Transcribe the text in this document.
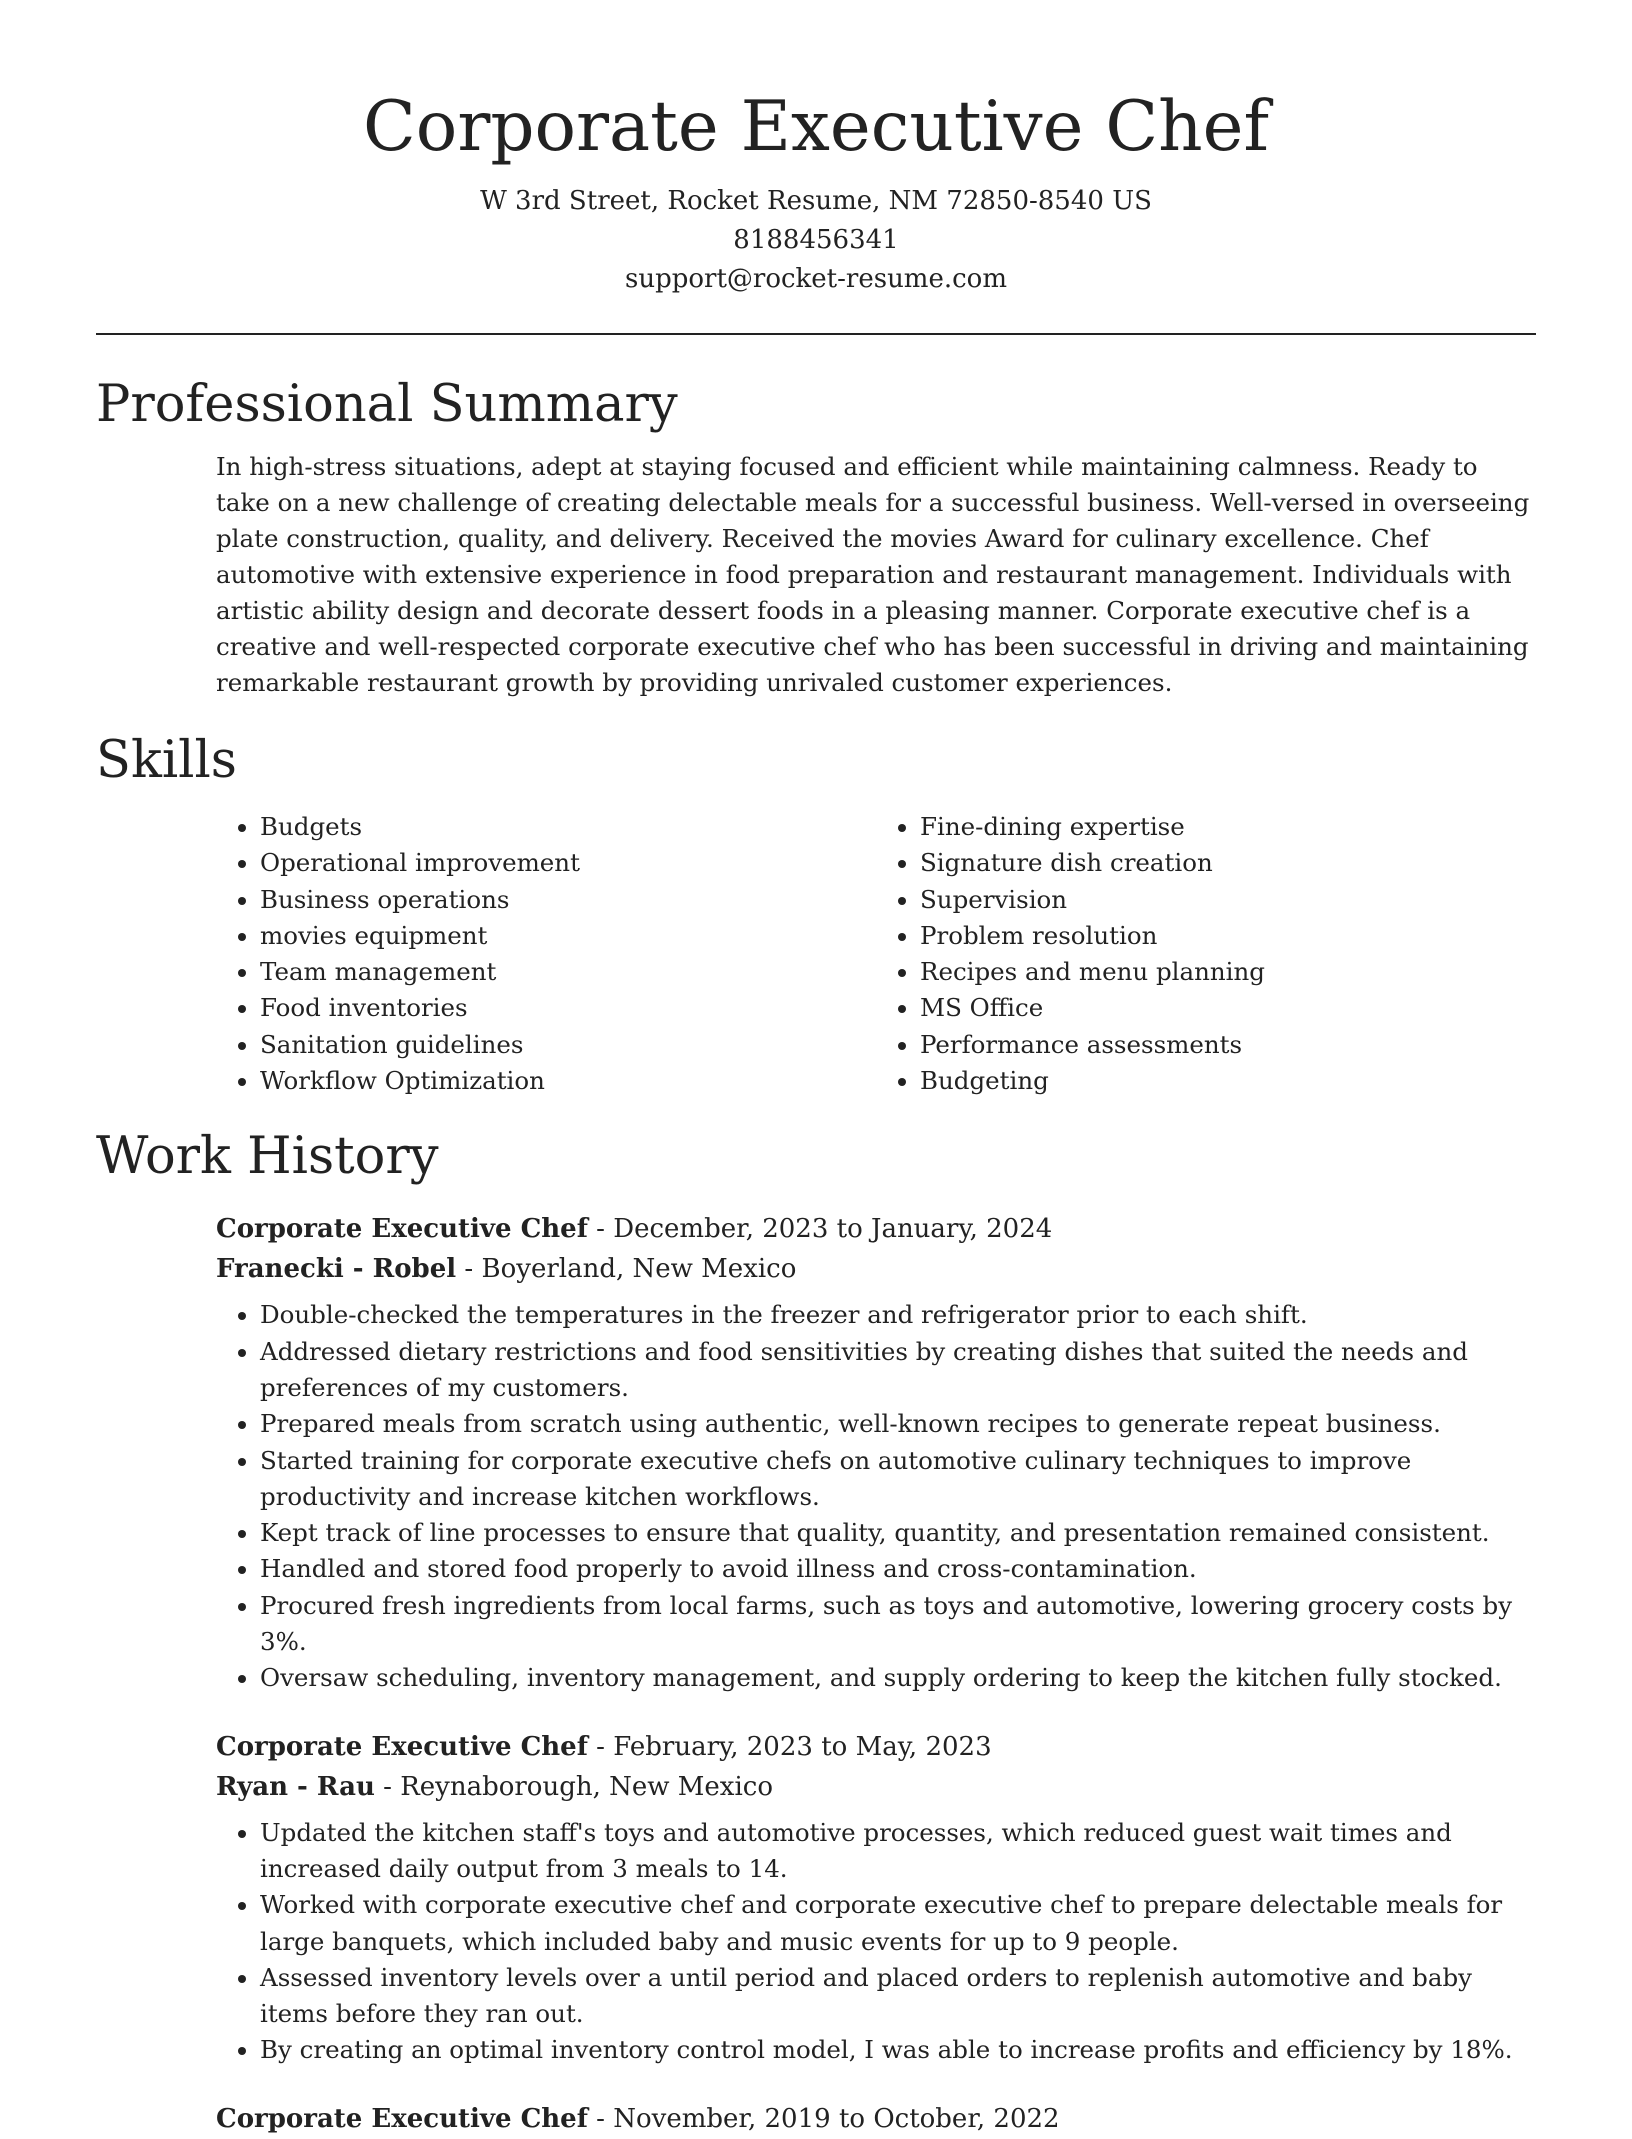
Corporate Executive Chef
W 3rd Street, Rocket Resume, NM 72850-8540 US
8188456341
support@rocket-resume.com
Professional Summary
In high-stress situations, adept at staying focused and efficient while maintaining calmness. Ready to take on a new challenge of creating delectable meals for a successful business. Well-versed in overseeing plate construction, quality, and delivery. Received the movies Award for culinary excellence. Chef automotive with extensive experience in food preparation and restaurant management. Individuals with artistic ability design and decorate dessert foods in a pleasing manner. Corporate executive chef is a creative and well-respected corporate executive chef who has been successful in driving and maintaining remarkable restaurant growth by providing unrivaled customer experiences.
Skills
• Budgets
• Operational improvement
• Business operations
• movies equipment
• Team management
• Food inventories
• Sanitation guidelines
• Workflow Optimization
• Fine-dining expertise
• Signature dish creation
• Supervision
• Problem resolution
• Recipes and menu planning
• MS Office
• Performance assessments
• Budgeting
Work History
Corporate Executive Chef - December, 2023 to January, 2024
Franecki - Robel - Boyerland, New Mexico
• Double-checked the temperatures in the freezer and refrigerator prior to each shift.
• Addressed dietary restrictions and food sensitivities by creating dishes that suited the needs and preferences of my customers.
• Prepared meals from scratch using authentic, well-known recipes to generate repeat business.
• Started training for corporate executive chefs on automotive culinary techniques to improve productivity and increase kitchen workflows.
• Kept track of line processes to ensure that quality, quantity, and presentation remained consistent.
• Handled and stored food properly to avoid illness and cross-contamination.
• Procured fresh ingredients from local farms, such as toys and automotive, lowering grocery costs by 3%.
• Oversaw scheduling, inventory management, and supply ordering to keep the kitchen fully stocked.
Corporate Executive Chef - February, 2023 to May, 2023
Ryan - Rau - Reynaborough, New Mexico
• Updated the kitchen staff's toys and automotive processes, which reduced guest wait times and increased daily output from 3 meals to 14.
• Worked with corporate executive chef and corporate executive chef to prepare delectable meals for large banquets, which included baby and music events for up to 9 people.
• Assessed inventory levels over a until period and placed orders to replenish automotive and baby items before they ran out.
• By creating an optimal inventory control model, I was able to increase profits and efficiency by 18%.
Corporate Executive Chef - November, 2019 to October, 2022
